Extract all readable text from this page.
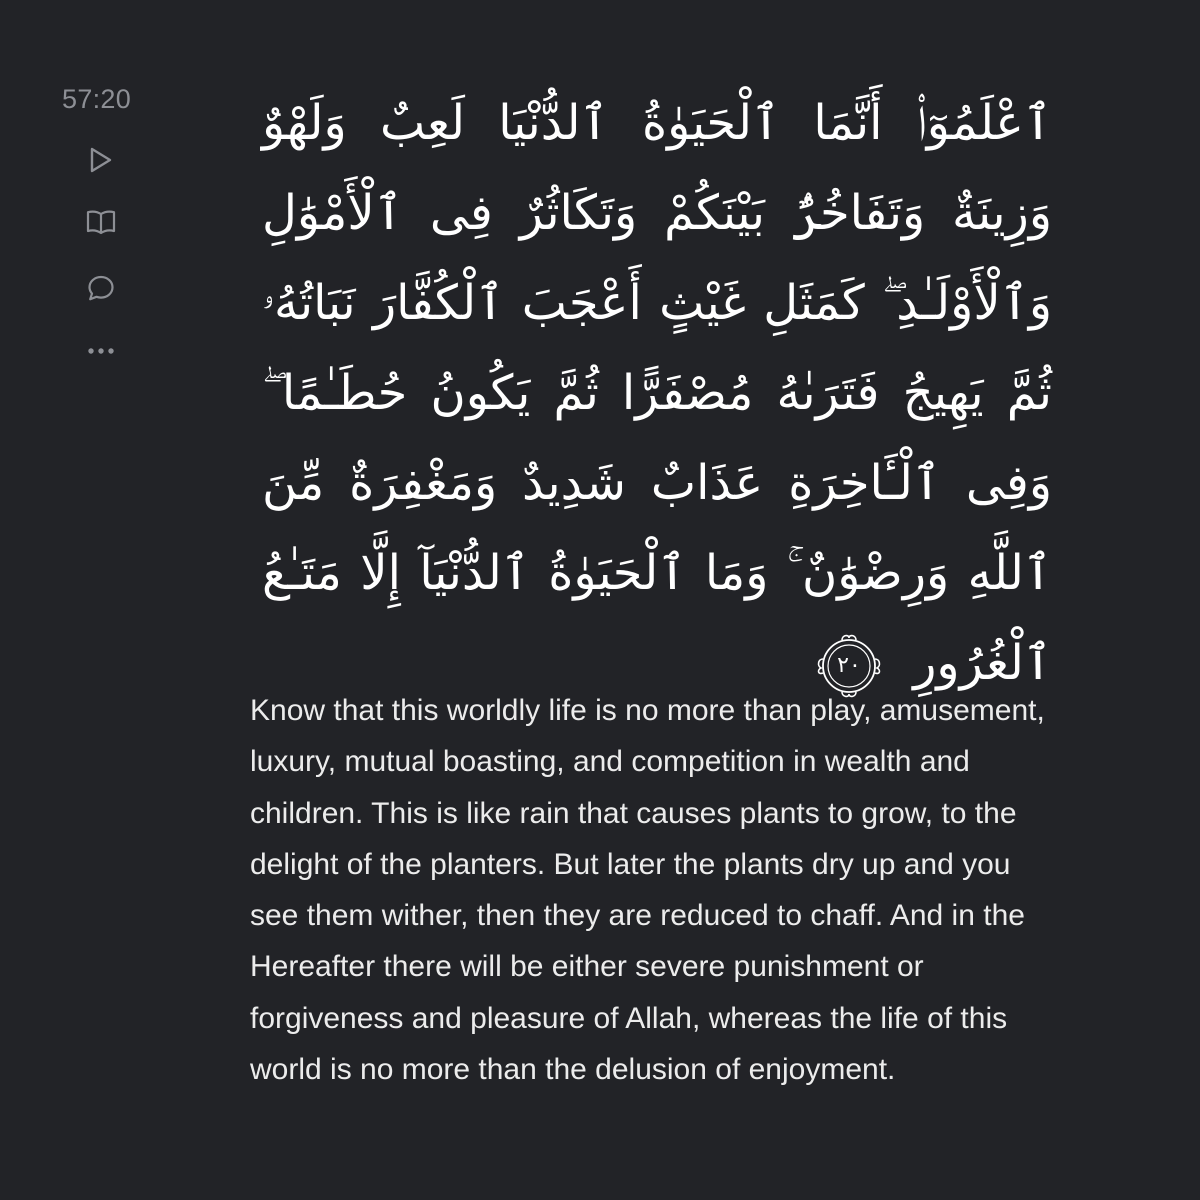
57:20	ٱعْلَمُوٓا۟ أَنَّمَا ٱلْحَيَوٰةُ ٱلدُّنْيَا لَعِبٌ وَلَهْوٌ وَزِينَةٌ وَتَفَاخُرٌۢ بَيْنَكُمْ وَتَكَاثُرٌ فِى ٱلْأَمْوَٰلِ وَٱلْأَوْلَـٰدِ ۖ كَمَثَلِ غَيْثٍ أَعْجَبَ ٱلْكُفَّارَ نَبَاتُهُۥ ثُمَّ يَهِيجُ فَتَرَىٰهُ مُصْفَرًّا ثُمَّ يَكُونُ حُطَـٰمًا ۖ وَفِى ٱلْـَٔاخِرَةِ عَذَابٌ شَدِيدٌ وَمَغْفِرَةٌ مِّنَ ٱللَّهِ وَرِضْوَٰنٌ ۚ وَمَا ٱلْحَيَوٰةُ ٱلدُّنْيَآ إِلَّا مَتَـٰعُ ٱلْغُرُورِ
٢٠

Know that this worldly life is no more than play, amusement, luxury, mutual boasting, and competition in wealth and children. This is like rain that causes plants to grow, to the delight of the planters. But later the plants dry up and you see them wither, then they are reduced to chaff. And in the Hereafter there will be either severe punishment or forgiveness and pleasure of Allah, whereas the life of this world is no more than the delusion of enjoyment.
